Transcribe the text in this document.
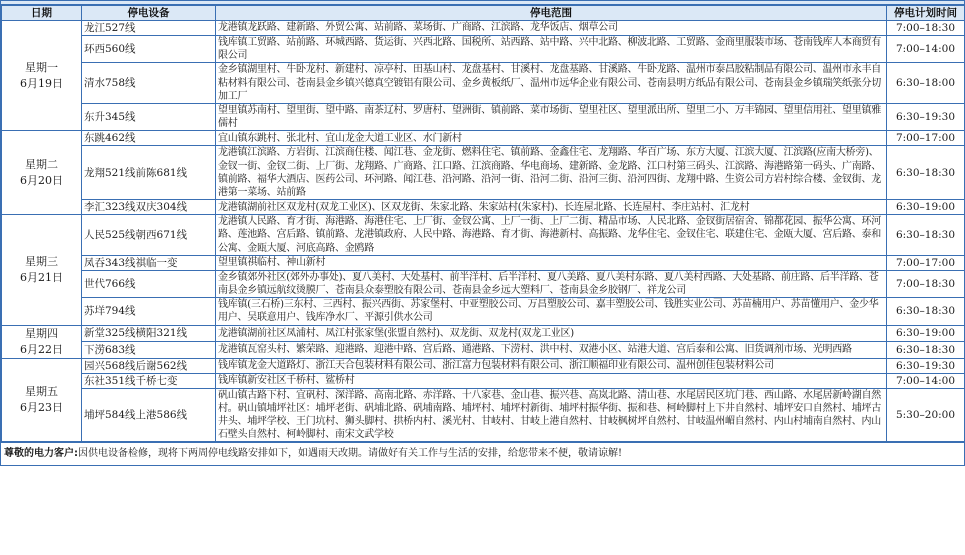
日期	停电设备	停电范围	停电计划时间
星期一
6月19日	龙江527线	龙港镇龙跃路、建新路、外贸公寓、站前路、菜场街、广商路、江滨路、龙华饭店、烟草公司	7:00–18:30
	环西560线	钱库镇工贸路、站前路、环城西路、货运街、兴西北路、国税所、站西路、站中路、兴中北路、柳波北路、工贸路、金商里服装市场、苍南钱库人本商贸有限公司	7:00–14:00
	清水758线	金乡镇湖里村、牛卧龙村、新建村、凉亭村、田基山村、龙盘基村、甘溪村、龙盘基路、甘溪路、牛卧龙路、温州市泰昌胶粘制品有限公司、温州市永丰自粘材料有限公司、苍南县金乡镇兴德真空镀铝有限公司、金乡黄板纸厂、温州市远华企业有限公司、苍南县明方纸品有限公司、苍南县金乡镇瑞笑纸张分切加工厂	6:30–18:00
	东升345线	望里镇苏南村、望里街、望中路、南茶辽村、罗唐村、望洲街、镇前路、菜市场街、望里社区、望里派出所、望里二小、万丰锦园、望里信用社、望里镇雅儒村	6:30–19:30
星期二
6月20日	东跳462线	宜山镇东跳村、张北村、宜山龙金大道工业区、水门新村	7:00–17:00
	龙翔521线前陈681线	龙港镇江滨路、方岩街、江滨商住楼、闻江巷、金龙街、燃料住宅、镇前路、金鑫住宅、龙翔路、华百广场、东方大厦、江滨大厦、江滨路(应南大桥旁)、金钗一街、金钗二街、上厂街、龙翔路、广商路、江口路、江滨商路、华电商场、建新路、金龙路、江口村第三码头、江滨路、海港路第一码头、广南路、镇前路、福华大酒店、医药公司、环河路、闻江巷、沿河路、沿河一街、沿河二街、沿河三街、沿河四街、龙翔中路、生资公司方岩村综合楼、金钗街、龙港第一菜场、站前路	6:30–18:30
	李汇323线双庆304线	龙港镇湖前社区双龙村(双龙工业区)、区双龙街、朱家北路、朱家站村(朱家村)、长连屋北路、长连屋村、李庄站村、汇龙村	6:30–19:00
星期三
6月21日	人民525线朝西671线	龙港镇人民路、育才街、海港路、海港住宅、上厂街、金钗公寓、上厂一街、上厂二街、精品市场、人民北路、金钗街居宿舍、锦都花园、振华公寓、环河路、莲池路、宫后路、镇前路、龙港镇政府、人民中路、海港路、育才街、海港新村、高振路、龙华住宅、金钗住宅、联建住宅、金瓯大厦、宫后路、泰和公寓、金瓯大厦、河底高路、金鸥路	6:30–18:30
	凤吞343线祺临一变	望里镇祺临村、神山新村	7:00–17:00
	世代766线	金乡镇郊外社区(郊外办事处)、夏八美村、大处基村、前半洋村、后半洋村、夏八美路、夏八美村东路、夏八美村西路、大处基路、前庄路、后半洋路、苍南县金乡镇远航纹烫膜厂、苍南县众泰塑胶有限公司、苍南县金乡远大塑料厂、苍南县金乡胶钢厂、祥龙公司	7:00–18:30
	苏垟794线	钱库镇(三石桥)三东村、三西村、振兴西街、苏家堡村、中亚塑胶公司、万昌塑胶公司、嘉丰塑胶公司、钱胜实业公司、苏苗楠用户、苏苗懂用户、金少华用户、吴联意用户、钱库净水厂、平源引供水公司	6:30–18:30
星期四
6月22日	新堂325线横阳321线	龙港镇湖前社区凤浦村、凤江村张家堡(张盟自然村)、双龙街、双龙村(双龙工业区)	6:30–19:00
	下涝683线	龙港镇瓦窑头村、繁荣路、迎港路、迎港中路、宫后路、通港路、下涝村、洪中村、双港小区、站港大道、宫后泰和公寓、旧货调剂市场、光明西路	6:30–18:30
星期五
6月23日	园兴568线后谢562线	钱库镇龙金大道路灯、浙江天合包装材料有限公司、浙江富力包装材料有限公司、浙江顺福印业有限公司、温州创佳包装材料公司	6:30–19:30
	东社351线千桥七变	钱库镇新安社区千桥村、鲨桥村	7:00–14:00
	埔坪584线上港586线	矾山镇古路下村、宜矾村、深洋路、高南北路、赤洋路、十八家巷、金山巷、振兴巷、高岚北路、清山巷、水尾居民区坑门巷、西山路、水尾居新岭湖自然村。矾山镇埔坪社区：埔坪老街、矾埔北路、矾埔南路、埔坪村、埔坪村新街、埔坪村振华街、振和巷、柯岭脚村上下井自然村、埔坪安口自然村、埔坪古井头、埔坪学校、王门坑村、狮头脚村、拱桥内村、溪光村、甘岐村、甘岐上港自然村、甘岐枫树坪自然村、甘岐温州嵋自然村、内山村埔南自然村、内山石壁头自然村、柯岭脚村、南宋文武学校	5:30–20:00
尊敬的电力客户:因供电设备检修，现将下两周停电线路安排如下，如遇雨天改期。请做好有关工作与生活的安排，给您带来不便，敬请谅解!
